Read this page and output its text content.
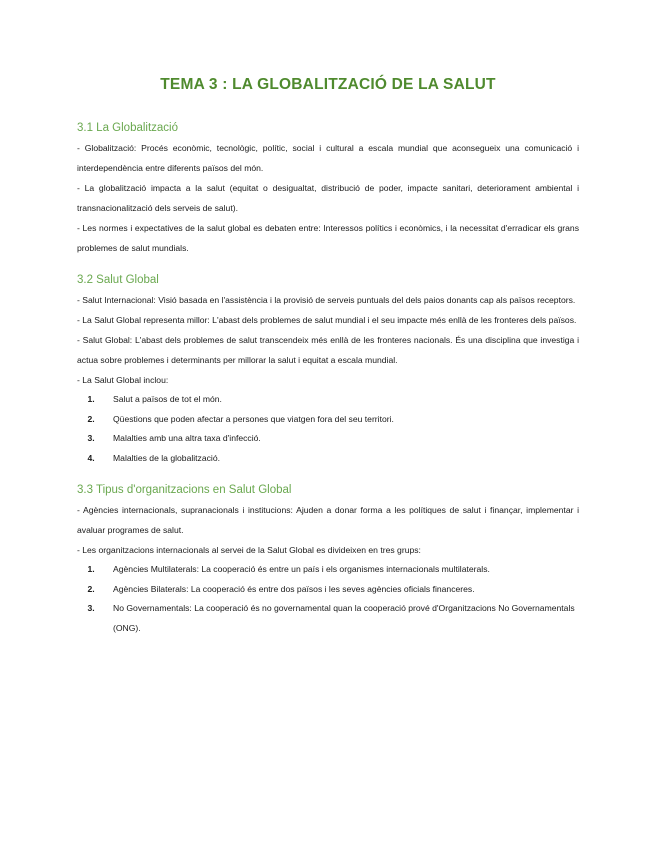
TEMA 3 : LA GLOBALITZACIÓ DE LA SALUT
3.1 La Globalització

- Globalització: Procés econòmic, tecnològic, polític, social i cultural a escala mundial que aconsegueix una comunicació i interdependència entre diferents països del món.

- La globalització impacta a la salut (equitat o desigualtat, distribució de poder, impacte sanitari, deteriorament ambiental i transnacionalització dels serveis de salut).

- Les normes i expectatives de la salut global es debaten entre: Interessos polítics i econòmics, i la necessitat d'erradicar els grans problemes de salut mundials.

3.2 Salut Global

- Salut Internacional: Visió basada en l'assistència i la provisió de serveis puntuals del dels paios donants cap als països receptors.

- La Salut Global representa millor: L'abast dels problemes de salut mundial i el seu impacte més enllà de les fronteres dels països.

- Salut Global: L'abast dels problemes de salut transcendeix més enllà de les fronteres nacionals. És una disciplina que investiga i actua sobre problemes i determinants per millorar la salut i equitat a escala mundial.

- La Salut Global inclou:

1. Salut a països de tot el món.
2. Qüestions que poden afectar a persones que viatgen fora del seu territori.
3. Malalties amb una altra taxa d'infecció.
4. Malalties de la globalització.
3.3 Tipus d'organitzacions en Salut Global

- Agències internacionals, supranacionals i institucions: Ajuden a donar forma a les polítiques de salut i finançar, implementar i avaluar programes de salut.

- Les organitzacions internacionals al servei de la Salut Global es divideixen en tres grups:

1. Agències Multilaterals: La cooperació és entre un país i els organismes internacionals multilaterals.
2. Agències Bilaterals: La cooperació és entre dos països i les seves agències oficials financeres.
3. No Governamentals: La cooperació és no governamental quan la cooperació prové d'Organitzacions No Governamentals (ONG).
